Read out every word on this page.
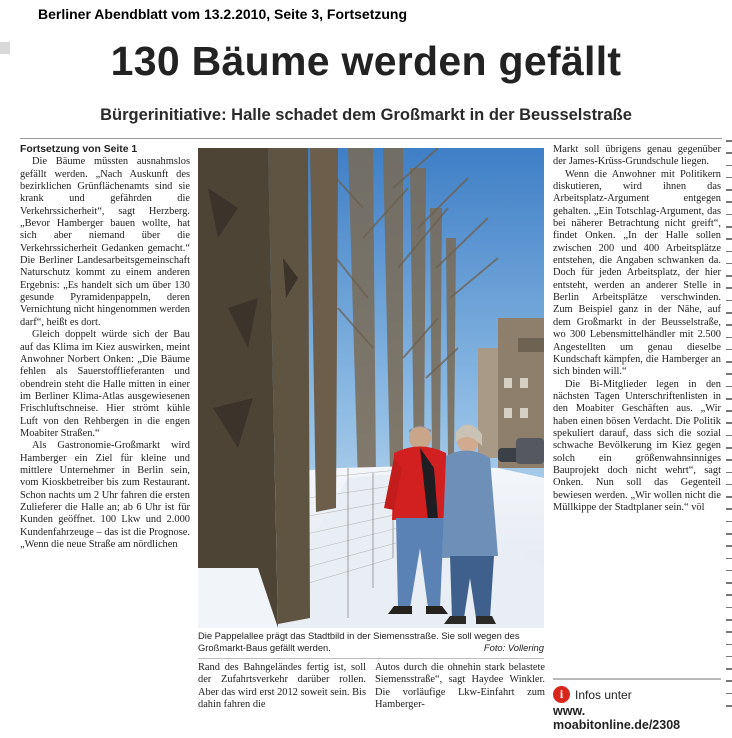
Berliner Abendblatt vom 13.2.2010, Seite 3, Fortsetzung
130 Bäume werden gefällt
Bürgerinitiative: Halle schadet dem Großmarkt in der Beusselstraße

Fortsetzung von Seite 1

Die Bäume müssten ausnahmslos gefällt werden. „Nach Auskunft des bezirklichen Grünflächenamts sind sie krank und gefährden die Verkehrssicherheit“, sagt Herzberg. „Bevor Hamberger bauen wollte, hat sich aber niemand über die Verkehrssicherheit Gedanken gemacht.“ Die Berliner Landesarbeitsgemeinschaft Naturschutz kommt zu einem anderen Ergebnis: „Es handelt sich um über 130 gesunde Pyramidenpappeln, deren Vernichtung nicht hingenommen werden darf“, heißt es dort.

Gleich doppelt würde sich der Bau auf das Klima im Kiez auswirken, meint Anwohner Norbert Onken: „Die Bäume fehlen als Sauerstofflieferanten und obendrein steht die Halle mitten in einer im Berliner Klima-Atlas ausgewiesenen Frischluftschneise. Hier strömt kühle Luft von den Rehbergen in die engen Moabiter Straßen.“

Als Gastronomie-Großmarkt wird Hamberger ein Ziel für kleine und mittlere Unternehmer in Berlin sein, vom Kioskbetreiber bis zum Restaurant. Schon nachts um 2 Uhr fahren die ersten Zulieferer die Halle an; ab 6 Uhr ist für Kunden geöffnet. 100 Lkw und 2.000 Kundenfahrzeuge – das ist die Prognose. „Wenn die neue Straße am nördlichen

Die Pappelallee prägt das Stadtbild in der Siemensstraße. Sie soll wegen des Großmarkt-Baus gefällt werden.	Foto: Vollering
Rand des Bahngeländes fertig ist, soll der Zufahrtsverkehr darüber rollen. Aber das wird erst 2012 soweit sein. Bis dahin fahren die
Autos durch die ohnehin stark belastete Siemensstraße“, sagt Haydee Winkler. Die vorläufige Lkw-Einfahrt zum Hamberger-

Markt soll übrigens genau gegenüber der James-Krüss-Grundschule liegen.

Wenn die Anwohner mit Politikern diskutieren, wird ihnen das Arbeitsplatz-Argument entgegen gehalten. „Ein Totschlag-Argument, das bei näherer Betrachtung nicht greift“, findet Onken. „In der Halle sollen zwischen 200 und 400 Arbeitsplätze entstehen, die Angaben schwanken da. Doch für jeden Arbeitsplatz, der hier entsteht, werden an anderer Stelle in Berlin Arbeitsplätze verschwinden. Zum Beispiel ganz in der Nähe, auf dem Großmarkt in der Beusselstraße, wo 300 Lebensmittelhändler mit 2.500 Angestellten um genau dieselbe Kundschaft kämpfen, die Hamberger an sich binden will.“

Die Bi-Mitglieder legen in den nächsten Tagen Unterschriftenlisten in den Moabiter Geschäften aus. „Wir haben einen bösen Verdacht. Die Politik spekuliert darauf, dass sich die sozial schwache Bevölkerung im Kiez gegen solch ein größenwahnsinniges Bauprojekt doch nicht wehrt“, sagt Onken. Nun soll das Gegenteil bewiesen werden. „Wir wollen nicht die Müllkippe der Stadtplaner sein.“ völ

i Infos unter
www.
moabitonline.de/2308
